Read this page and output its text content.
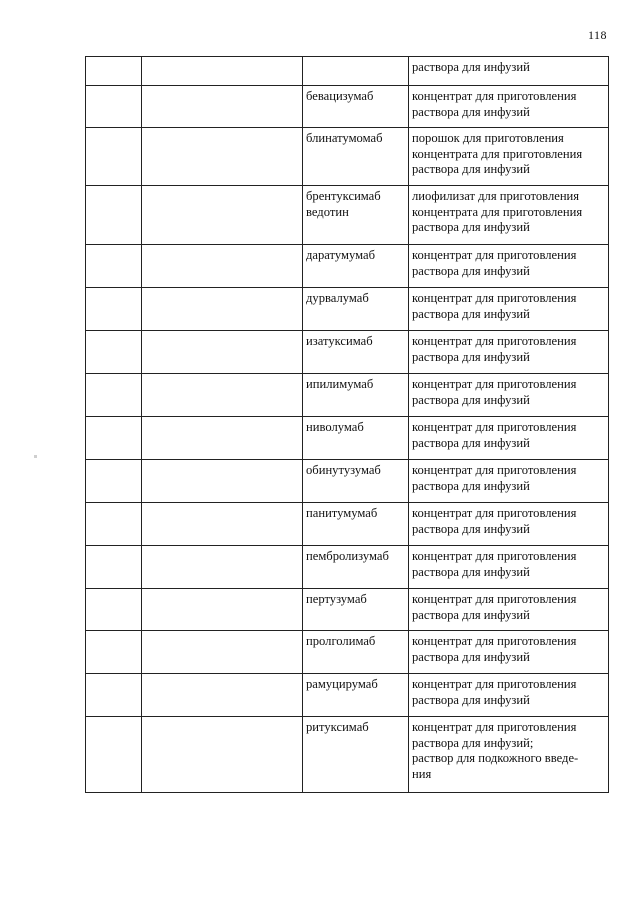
118
			раствора для инфузий
		бевацизумаб	концентрат для приготовления
раствора для инфузий
		блинатумомаб	порошок для приготовления
концентрата для приготовления
раствора для инфузий
		брентуксимаб
ведотин	лиофилизат для приготовления
концентрата для приготовления
раствора для инфузий
		даратумумаб	концентрат для приготовления
раствора для инфузий
		дурвалумаб	концентрат для приготовления
раствора для инфузий
		изатуксимаб	концентрат для приготовления
раствора для инфузий
		ипилимумаб	концентрат для приготовления
раствора для инфузий
		ниволумаб	концентрат для приготовления
раствора для инфузий
		обинутузумаб	концентрат для приготовления
раствора для инфузий
		панитумумаб	концентрат для приготовления
раствора для инфузий
		пембролизумаб	концентрат для приготовления
раствора для инфузий
		пертузумаб	концентрат для приготовления
раствора для инфузий
		пролголимаб	концентрат для приготовления
раствора для инфузий
		рамуцирумаб	концентрат для приготовления
раствора для инфузий
		ритуксимаб	концентрат для приготовления
раствора для инфузий;
раствор для подкожного введе-
ния
